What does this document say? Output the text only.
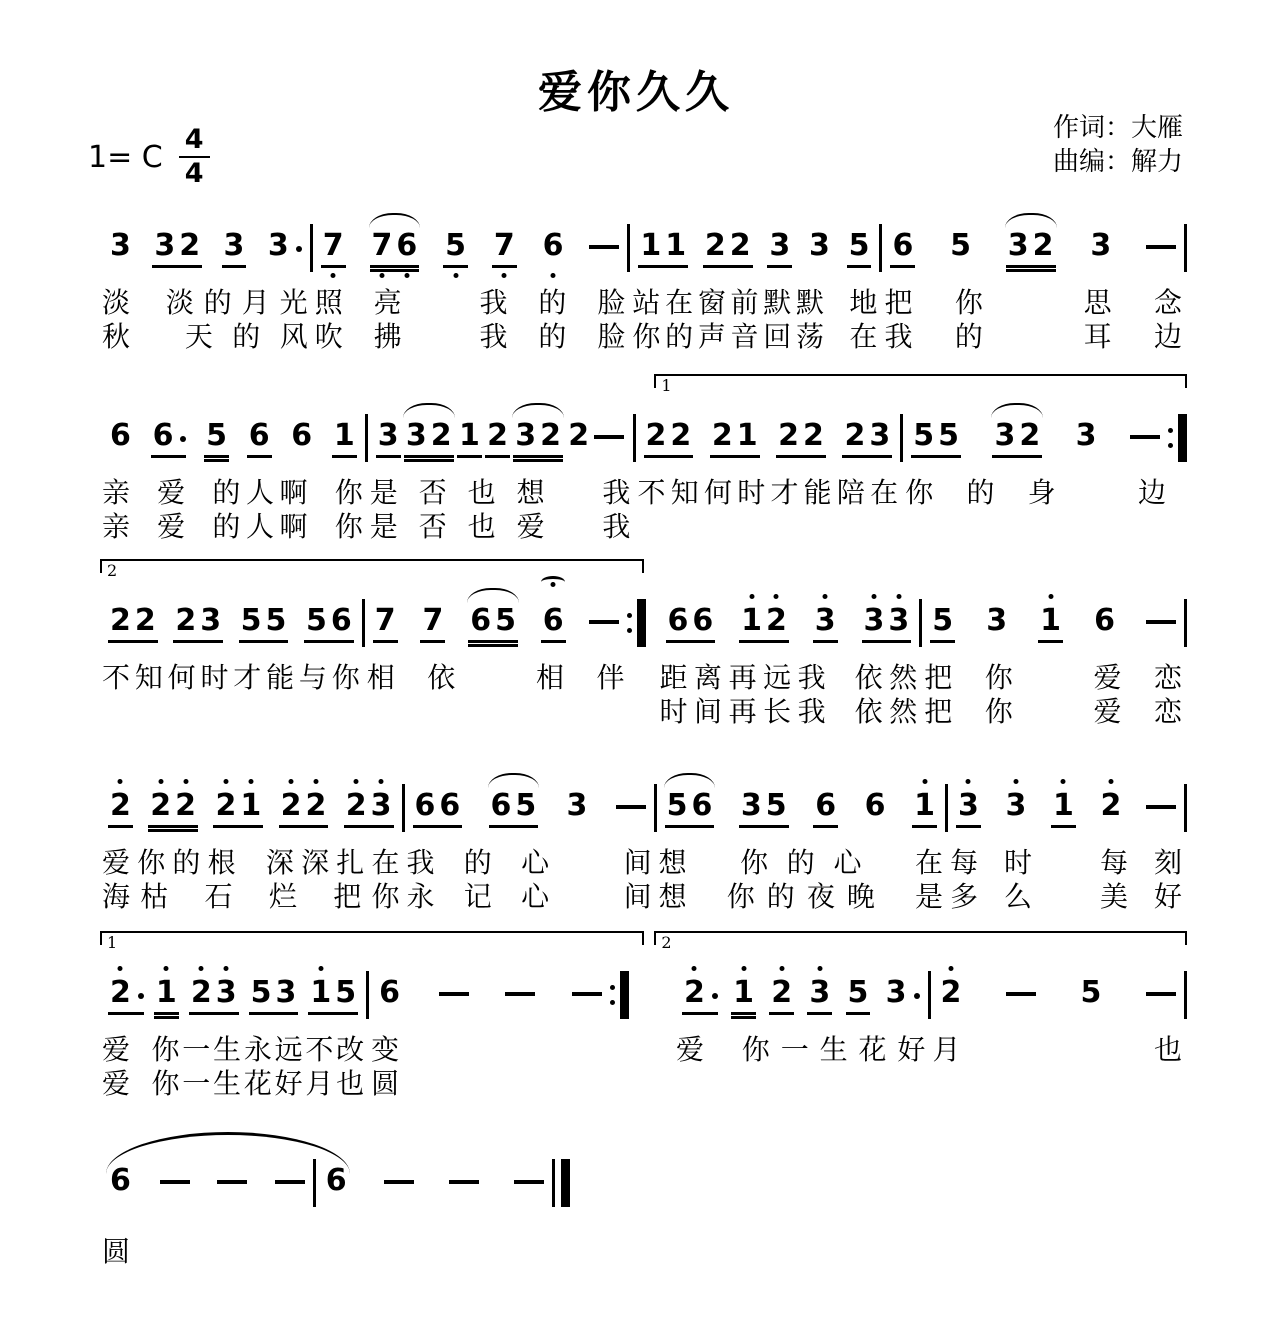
爱你久久
作词：大雁
曲编：解力
1= C $\frac{4}{4}$
3 3 2 3 3
淡 淡 的 月 光
秋 天 的 风
7 7 6 5 7 6
照 亮	我 的 脸
吹 拂	我 的 脸
1 1 2 2 3 3 5
站 在 窗 前 默 默 地
你 的 声 音 回 荡 在
6 5 3 2 3
把 你	思 念
我 的	耳 边
1
6 6 5 6 6 1
亲 爱 的 人 啊 你
亲 爱 的 人 啊 你
3 3 2 1 2 3 2 2
是 否 也 想 我
是 否 也 爱 我
2 2 2 1 2 2 2 3
不 知 何 时 才 能 陪 在
5 5 3 2 3
你 的 身	边
2
2 2 2 3 5 5 5 6
不 知 何 时 才 能 与 你
7 7 6 5 6
相 依	相 伴
6 6 1 2 3 3 3
距 离 再 远 我 依 然
时 间 再 长 我 依 然
5 3 1 6
把 你	爱 恋
把 你	爱 恋
2 2 2 2 1 2 2 2 3
爱 你 的 根 深 深 扎 在
海 枯 石 烂 把 你
6 6 6 5 3
我 的 心	间
永 记 心	间
5 6 3 5 6 6 1
想 你 的 心 在
想 你 的 夜 晚 是
3 3 1 2
每 时 每 刻
多 么 美 好
1	2
2 1 2 3 5 3 1 5
爱 你 一 生 永 远 不 改
爱 你 一 生 花 好 月 也
6
变
圆
2 1 2 3 5 3
爱 你 一 生 花 好
2	5
月	也
6
圆
6
